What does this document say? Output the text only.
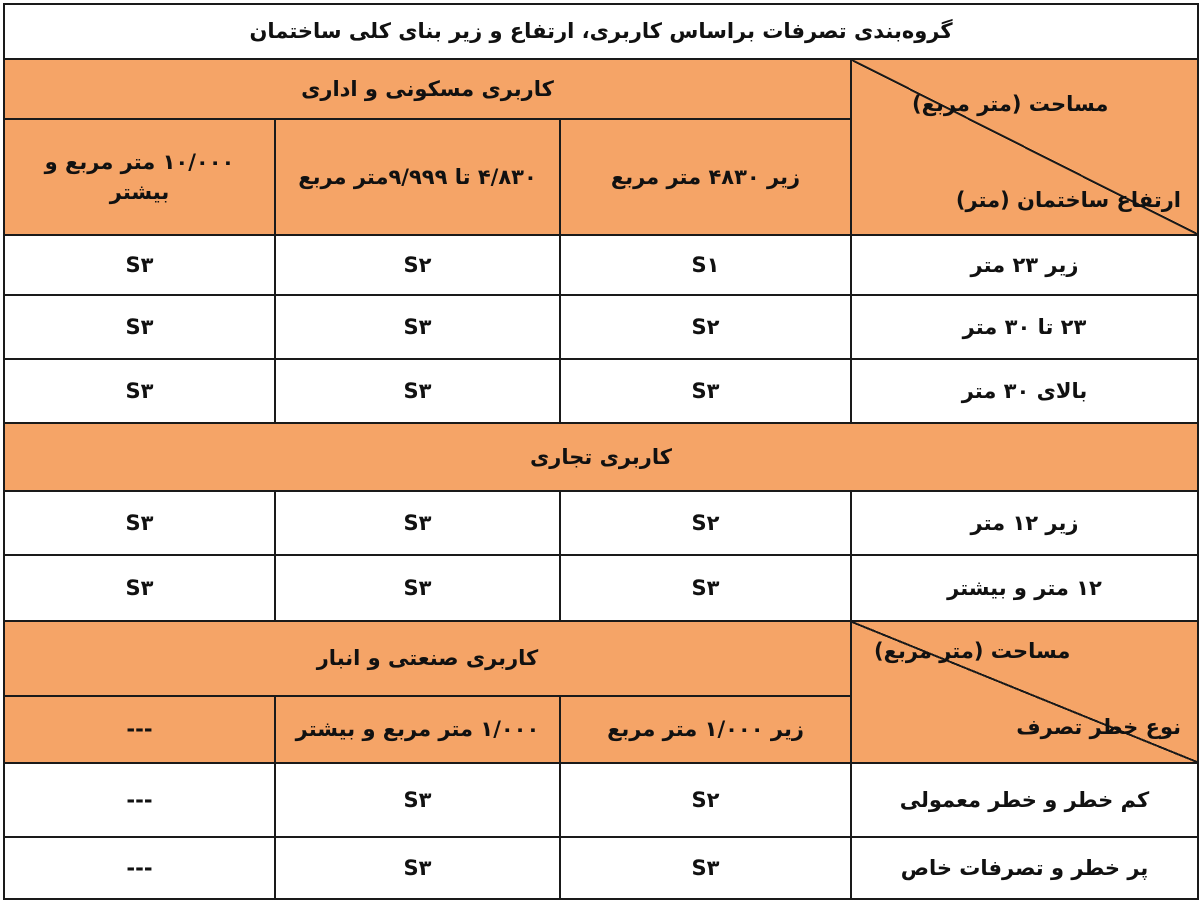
گروه‌بندی تصرفات براساس کاربری، ارتفاع و زیر بنای کلی ساختمان			

مساحت (متر مربع)
ارتفاع ساختمان (متر)	کاربری مسکونی و اداری		
	زیر ۴۸۳۰ متر مربع	۴/۸۳۰ تا ۹/۹۹۹متر مربع	۱۰/۰۰۰ متر مربع و بیشتر
زیر ۲۳ متر	S۱	S۲	S۳
۲۳ تا ۳۰ متر	S۲	S۳	S۳
بالای ۳۰ متر	S۳	S۳	S۳
کاربری تجاری			
زیر ۱۲ متر	S۲	S۳	S۳
۱۲ متر و بیشتر	S۳	S۳	S۳

مساحت (متر مربع)
نوع خطر تصرف	کاربری صنعتی و انبار		
	زیر ۱/۰۰۰ متر مربع	۱/۰۰۰ متر مربع و بیشتر	---
کم خطر و خطر معمولی	S۲	S۳	---
پر خطر و تصرفات خاص	S۳	S۳	---
